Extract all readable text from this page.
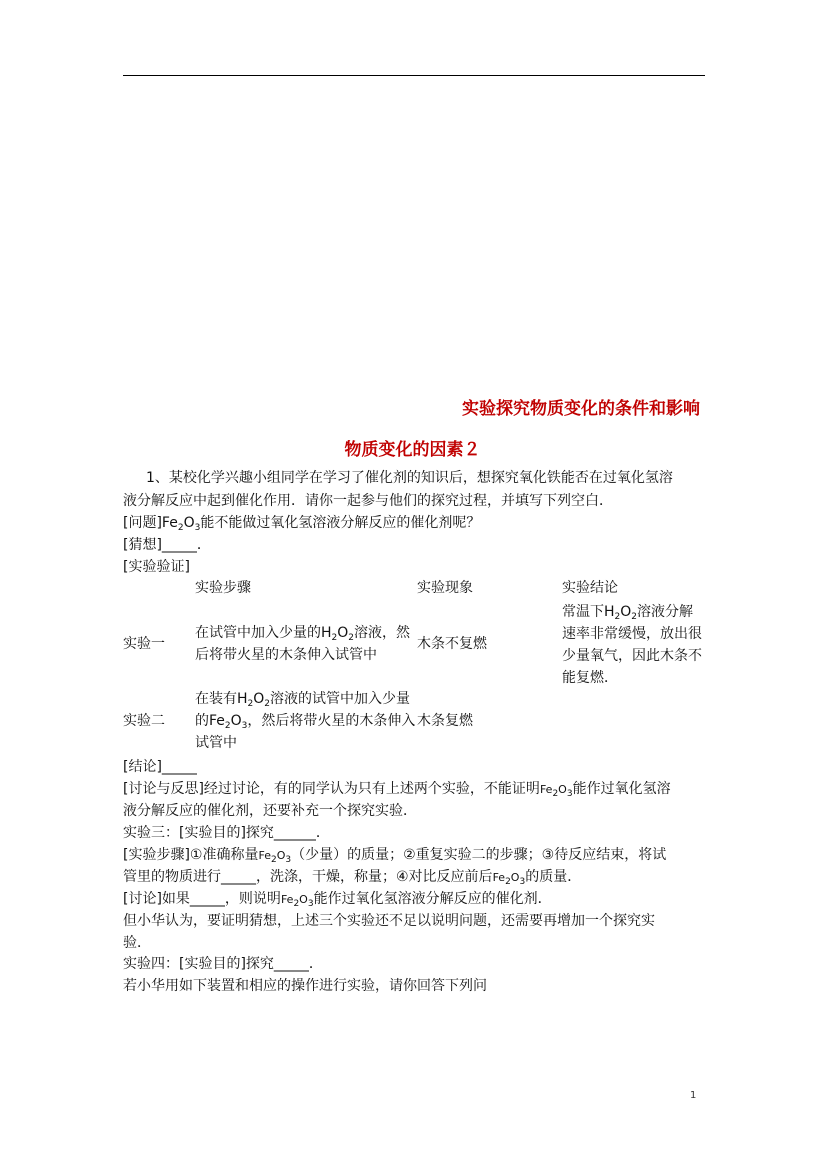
实验探究物质变化的条件和影响
物质变化的因素２
1、某校化学兴趣小组同学在学习了催化剂的知识后，想探究氧化铁能否在过氧化氢溶
液分解反应中起到催化作用．请你一起参与他们的探究过程，并填写下列空白．
[问题]$Fe_2O_3$能不能做过氧化氢溶液分解反应的催化剂呢？
[猜想]_____．
[实验验证]
实验步骤	实验现象	实验结论
实验一
在试管中加入少量的$H_2O_2$溶液，然
后将带火星的木条伸入试管中
木条不复燃
常温下$H_2O_2$溶液分解
速率非常缓慢，放出很
少量氧气，因此木条不
能复燃．
实验二
在装有$H_2O_2$溶液的试管中加入少量
的$Fe_2O_3$，然后将带火星的木条伸入
试管中
木条复燃
[结论]_____
[讨论与反思]经过讨论，有的同学认为只有上述两个实验，不能证明$Fe_2O_3$能作过氧化氢溶
液分解反应的催化剂，还要补充一个探究实验．
实验三：[实验目的]探究______．
[实验步骤]①准确称量$Fe_2O_3$（少量）的质量；②重复实验二的步骤；③待反应结束，将试
管里的物质进行_____，洗涤，干燥，称量；④对比反应前后$Fe_2O_3$的质量．
[讨论]如果_____，则说明$Fe_2O_3$能作过氧化氢溶液分解反应的催化剂．
但小华认为，要证明猜想，上述三个实验还不足以说明问题，还需要再增加一个探究实
验．
实验四：[实验目的]探究_____．
若小华用如下装置和相应的操作进行实验，请你回答下列问
1
